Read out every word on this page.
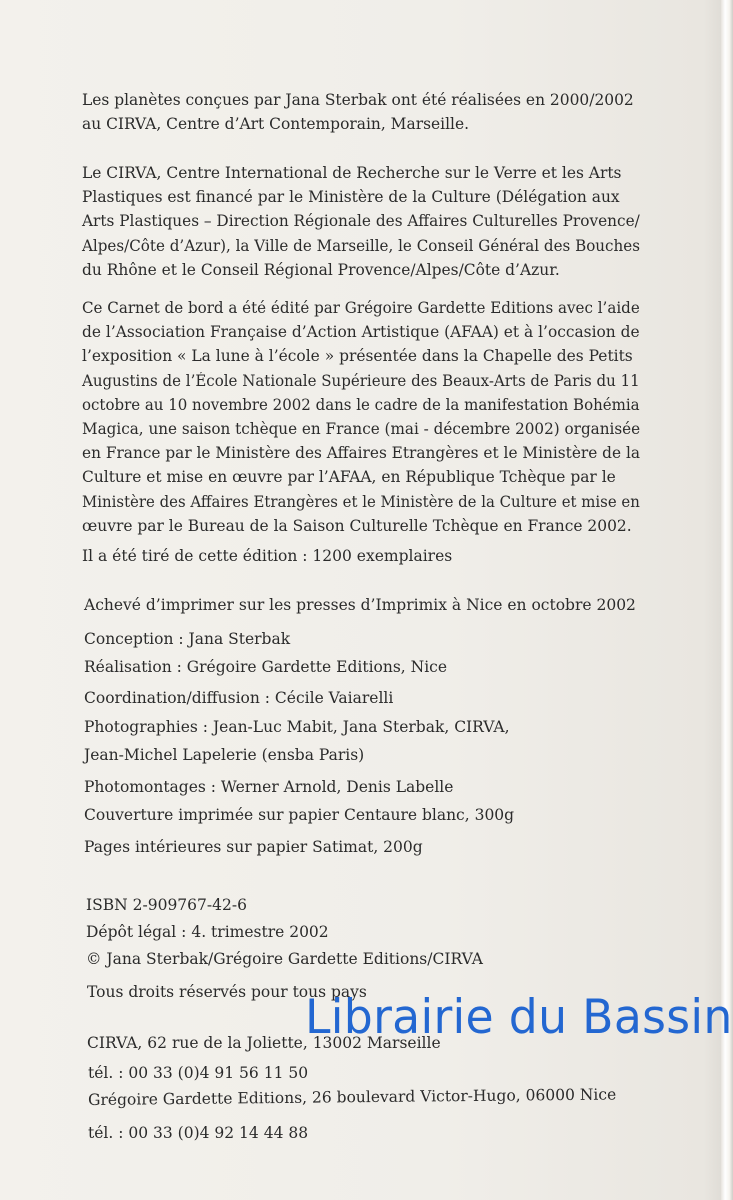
Les planètes conçues par Jana Sterbak ont été réalisées en 2000/2002
au CIRVA, Centre d’Art Contemporain, Marseille.
Le CIRVA, Centre International de Recherche sur le Verre et les Arts
Plastiques est financé par le Ministère de la Culture (Délégation aux
Arts Plastiques – Direction Régionale des Affaires Culturelles Provence/
Alpes/Côte d’Azur), la Ville de Marseille, le Conseil Général des Bouches
du Rhône et le Conseil Régional Provence/Alpes/Côte d’Azur.
Ce Carnet de bord a été édité par Grégoire Gardette Editions avec l’aide
de l’Association Française d’Action Artistique (AFAA) et à l’occasion de
l’exposition « La lune à l’école » présentée dans la Chapelle des Petits
Augustins de l’École Nationale Supérieure des Beaux-Arts de Paris du 11
octobre au 10 novembre 2002 dans le cadre de la manifestation Bohémia
Magica, une saison tchèque en France (mai - décembre 2002) organisée
en France par le Ministère des Affaires Etrangères et le Ministère de la
Culture et mise en œuvre par l’AFAA, en République Tchèque par le
Ministère des Affaires Etrangères et le Ministère de la Culture et mise en
œuvre par le Bureau de la Saison Culturelle Tchèque en France 2002.
Il a été tiré de cette édition : 1200 exemplaires
Achevé d’imprimer sur les presses d’Imprimix à Nice en octobre 2002
Conception : Jana Sterbak
Réalisation : Grégoire Gardette Editions, Nice
Coordination/diffusion : Cécile Vaiarelli
Photographies : Jean-Luc Mabit, Jana Sterbak, CIRVA,
Jean-Michel Lapelerie (ensba Paris)
Photomontages : Werner Arnold, Denis Labelle
Couverture imprimée sur papier Centaure blanc, 300g
Pages intérieures sur papier Satimat, 200g
ISBN 2-909767-42-6
Dépôt légal : 4. trimestre 2002
© Jana Sterbak/Grégoire Gardette Editions/CIRVA
Tous droits réservés pour tous pays
CIRVA, 62 rue de la Joliette, 13002 Marseille
tél. : 00 33 (0)4 91 56 11 50
Grégoire Gardette Editions, 26 boulevard Victor-Hugo, 06000 Nice
tél. : 00 33 (0)4 92 14 44 88
Librairie du Bassin
